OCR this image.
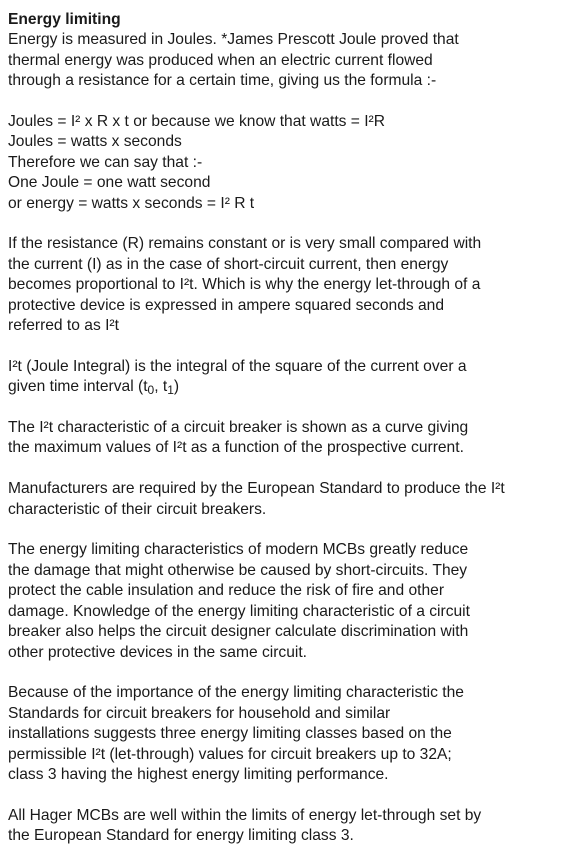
Energy limiting

Energy is measured in Joules. *James Prescott Joule proved that

thermal energy was produced when an electric current flowed

through a resistance for a certain time, giving us the formula :-

Joules = I² x R x t or because we know that watts = I²R

Joules = watts x seconds

Therefore we can say that :-

One Joule = one watt second

or energy = watts x seconds = I² R t

If the resistance (R) remains constant or is very small compared with

the current (I) as in the case of short-circuit current, then energy

becomes proportional to I²t. Which is why the energy let-through of a

protective device is expressed in ampere squared seconds and

referred to as I²t

I²t (Joule Integral) is the integral of the square of the current over a

given time interval ($t_0$, $t_1$)

The I²t characteristic of a circuit breaker is shown as a curve giving

the maximum values of I²t as a function of the prospective current.

Manufacturers are required by the European Standard to produce the I²t

characteristic of their circuit breakers.

The energy limiting characteristics of modern MCBs greatly reduce

the damage that might otherwise be caused by short-circuits. They

protect the cable insulation and reduce the risk of fire and other

damage. Knowledge of the energy limiting characteristic of a circuit

breaker also helps the circuit designer calculate discrimination with

other protective devices in the same circuit.

Because of the importance of the energy limiting characteristic the

Standards for circuit breakers for household and similar

installations suggests three energy limiting classes based on the

permissible I²t (let-through) values for circuit breakers up to 32A;

class 3 having the highest energy limiting performance.

All Hager MCBs are well within the limits of energy let-through set by

the European Standard for energy limiting class 3.
